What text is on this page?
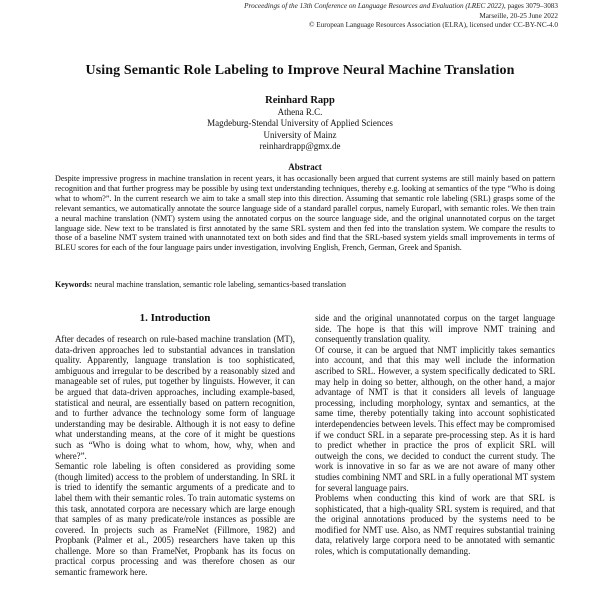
Proceedings of the 13th Conference on Language Resources and Evaluation (LREC 2022), pages 3079–3083
Marseille, 20-25 June 2022
© European Language Resources Association (ELRA), licensed under CC-BY-NC-4.0
Using Semantic Role Labeling to Improve Neural Machine Translation
Reinhard Rapp
Athena R.C.
Magdeburg-Stendal University of Applied Sciences
University of Mainz
reinhardrapp@gmx.de
Abstract

Despite impressive progress in machine translation in recent years, it has occasionally been argued that current systems are still mainly based on pattern recognition and that further progress may be possible by using text understanding techniques, thereby e.g. looking at semantics of the type “Who is doing what to whom?”. In the current research we aim to take a small step into this direction. Assuming that semantic role labeling (SRL) grasps some of the relevant semantics, we automatically annotate the source language side of a standard parallel corpus, namely Europarl, with semantic roles. We then train a neural machine translation (NMT) system using the annotated corpus on the source language side, and the original unannotated corpus on the target language side. New text to be translated is first annotated by the same SRL system and then fed into the translation system. We compare the results to those of a baseline NMT system trained with unannotated text on both sides and find that the SRL-based system yields small improvements in terms of BLEU scores for each of the four language pairs under investigation, involving English, French, German, Greek and Spanish.

Keywords: neural machine translation, semantic role labeling, semantics-based translation
1. Introduction

After decades of research on rule-based machine translation (MT), data-driven approaches led to substantial advances in translation quality. Apparently, language translation is too sophisticated, ambiguous and irregular to be described by a reasonably sized and manageable set of rules, put together by linguists. However, it can be argued that data-driven approaches, including example-based, statistical and neural, are essentially based on pattern recognition, and to further advance the technology some form of language understanding may be desirable. Although it is not easy to define what understanding means, at the core of it might be questions such as “Who is doing what to whom, how, why, when and where?”.

Semantic role labeling is often considered as providing some (though limited) access to the problem of understanding. In SRL it is tried to identify the semantic arguments of a predicate and to label them with their semantic roles. To train automatic systems on this task, annotated corpora are necessary which are large enough that samples of as many predicate/role instances as possible are covered. In projects such as FrameNet (Fillmore, 1982) and Propbank (Palmer et al., 2005) researchers have taken up this challenge. More so than FrameNet, Propbank has its focus on practical corpus processing and was therefore chosen as our semantic framework here.

side and the original unannotated corpus on the target language side. The hope is that this will improve NMT training and consequently translation quality.

Of course, it can be argued that NMT implicitly takes semantics into account, and that this may well include the information ascribed to SRL. However, a system specifically dedicated to SRL may help in doing so better, although, on the other hand, a major advantage of NMT is that it considers all levels of language processing, including morphology, syntax and semantics, at the same time, thereby potentially taking into account sophisticated interdependencies between levels. This effect may be compromised if we conduct SRL in a separate pre-processing step. As it is hard to predict whether in practice the pros of explicit SRL will outweigh the cons, we decided to conduct the current study. The work is innovative in so far as we are not aware of many other studies combining NMT and SRL in a fully operational MT system for several language pairs.

Problems when conducting this kind of work are that SRL is sophisticated, that a high-quality SRL system is required, and that the original annotations produced by the systems need to be modified for NMT use. Also, as NMT requires substantial training data, relatively large corpora need to be annotated with semantic roles, which is computationally demanding.
